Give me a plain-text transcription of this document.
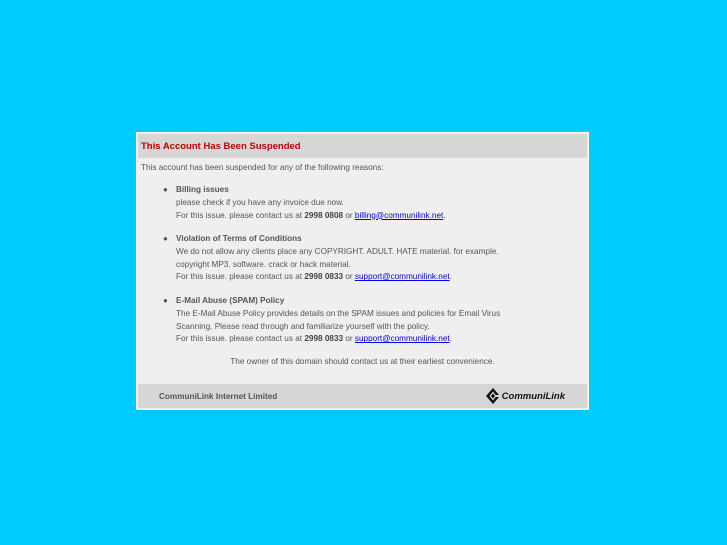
This Account Has Been Suspended
This account has been suspended for any of the following reasons:
● Billing issues
please check if you have any invoice due now.
For this issue. please contact us at 2998 0808 or billing@communilink.net.
● Violation of Terms of Conditions
We do not allow any clients place any COPYRIGHT. ADULT. HATE material. for example.
copyright MP3. software. crack or hack material.
For this issue. please contact us at 2998 0833 or support@communilink.net.
● E-Mail Abuse (SPAM) Policy
The E-Mail Abuse Policy provides details on the SPAM issues and policies for Email Virus
Scanning. Please read through and familiarize yourself with the policy.
For this issue. please contact us at 2998 0833 or support@communilink.net.
The owner of this domain should contact us at their earliest convenience.
CommuniLink Internet Limited	CommuniLink
